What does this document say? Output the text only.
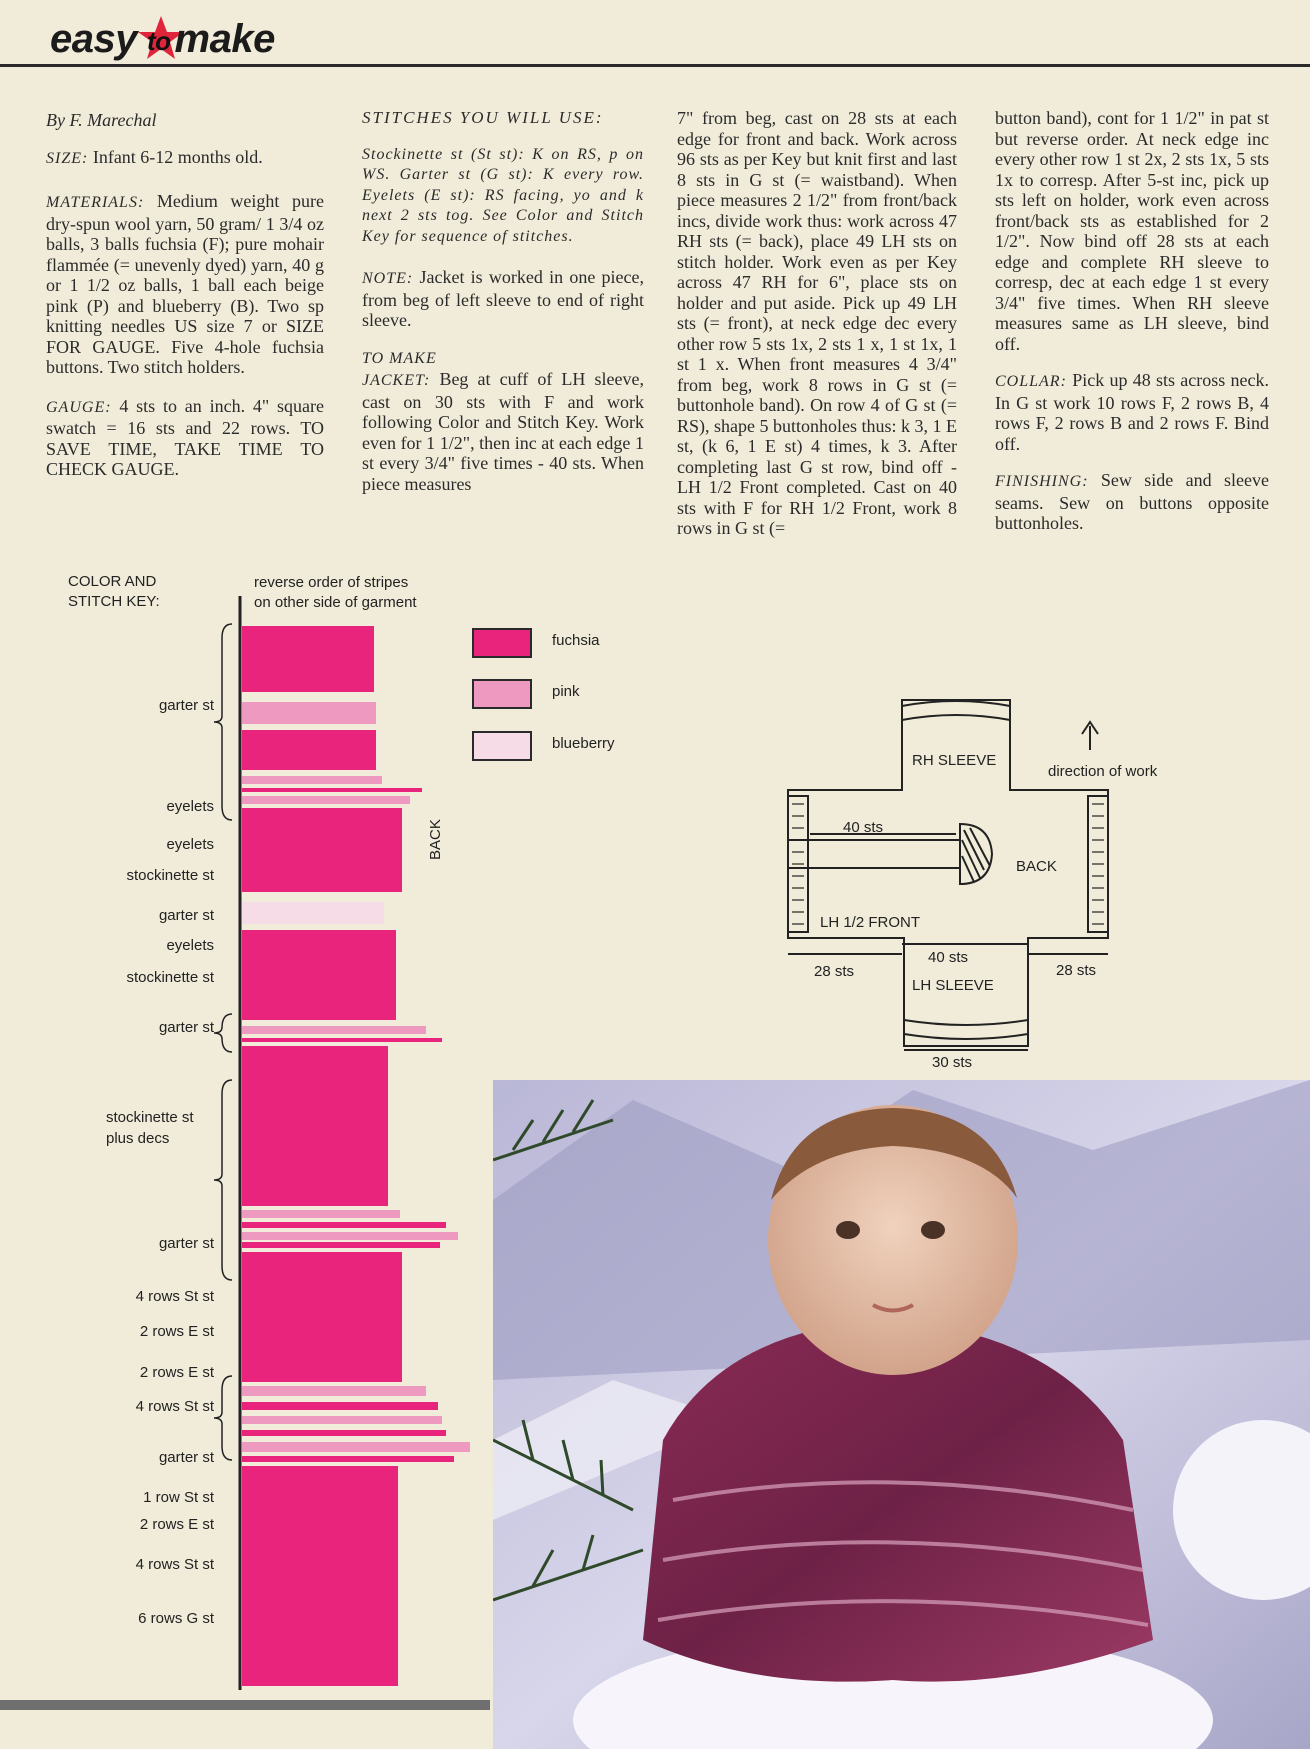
easy to make

By F. Marechal

SIZE: Infant 6-12 months old.

MATERIALS: Medium weight pure dry-spun wool yarn, 50 gram/ 1 3/4 oz balls, 3 balls fuchsia (F); pure mohair flammée (= unevenly dyed) yarn, 40 g or 1 1/2 oz balls, 1 ball each beige pink (P) and blueberry (B). Two sp knitting needles US size 7 or SIZE FOR GAUGE. Five 4-hole fuchsia buttons. Two stitch holders.

GAUGE: 4 sts to an inch. 4" square swatch = 16 sts and 22 rows. TO SAVE TIME, TAKE TIME TO CHECK GAUGE.

STITCHES YOU WILL USE:

Stockinette st (St st): K on RS, p on WS. Garter st (G st): K every row. Eyelets (E st): RS facing, yo and k next 2 sts tog. See Color and Stitch Key for sequence of stitches.

NOTE: Jacket is worked in one piece, from beg of left sleeve to end of right sleeve.

TO MAKE

JACKET: Beg at cuff of LH sleeve, cast on 30 sts with F and work following Color and Stitch Key. Work even for 1 1/2", then inc at each edge 1 st every 3/4" five times - 40 sts. When piece measures

7" from beg, cast on 28 sts at each edge for front and back. Work across 96 sts as per Key but knit first and last 8 sts in G st (= waistband). When piece measures 2 1/2" from front/back incs, divide work thus: work across 47 RH sts (= back), place 49 LH sts on stitch holder. Work even as per Key across 47 RH for 6", place sts on holder and put aside. Pick up 49 LH sts (= front), at neck edge dec every other row 5 sts 1x, 2 sts 1 x, 1 st 1x, 1 st 1 x. When front measures 4 3/4" from beg, work 8 rows in G st (= buttonhole band). On row 4 of G st (= RS), shape 5 buttonholes thus: k 3, 1 E st, (k 6, 1 E st) 4 times, k 3. After completing last G st row, bind off - LH 1/2 Front completed. Cast on 40 sts with F for RH 1/2 Front, work 8 rows in G st (=

button band), cont for 1 1/2" in pat st but reverse order. At neck edge inc every other row 1 st 2x, 2 sts 1x, 5 sts 1x to corresp. After 5-st inc, pick up sts left on holder, work even across front/back sts as established for 2 1/2". Now bind off 28 sts at each edge and complete RH sleeve to corresp, dec at each edge 1 st every 3/4" five times. When RH sleeve measures same as LH sleeve, bind off.

COLLAR: Pick up 48 sts across neck. In G st work 10 rows F, 2 rows B, 4 rows F, 2 rows B and 2 rows F. Bind off.

FINISHING: Sew side and sleeve seams. Sew on buttons opposite buttonholes.

COLOR AND
STITCH KEY:
reverse order of stripes
on other side of garment
BACK
garter st
eyelets
eyelets
stockinette st
garter st
eyelets
stockinette st
garter st
stockinette st
plus decs
garter st
4 rows St st
2 rows E st
2 rows E st
4 rows St st
garter st
1 row St st
2 rows E st
4 rows St st
6 rows G st
fuchsia
pink
blueberry
RH SLEEVE
direction of work
40 sts
BACK
LH 1/2 FRONT
40 sts
28 sts	28 sts
LH SLEEVE
30 sts
